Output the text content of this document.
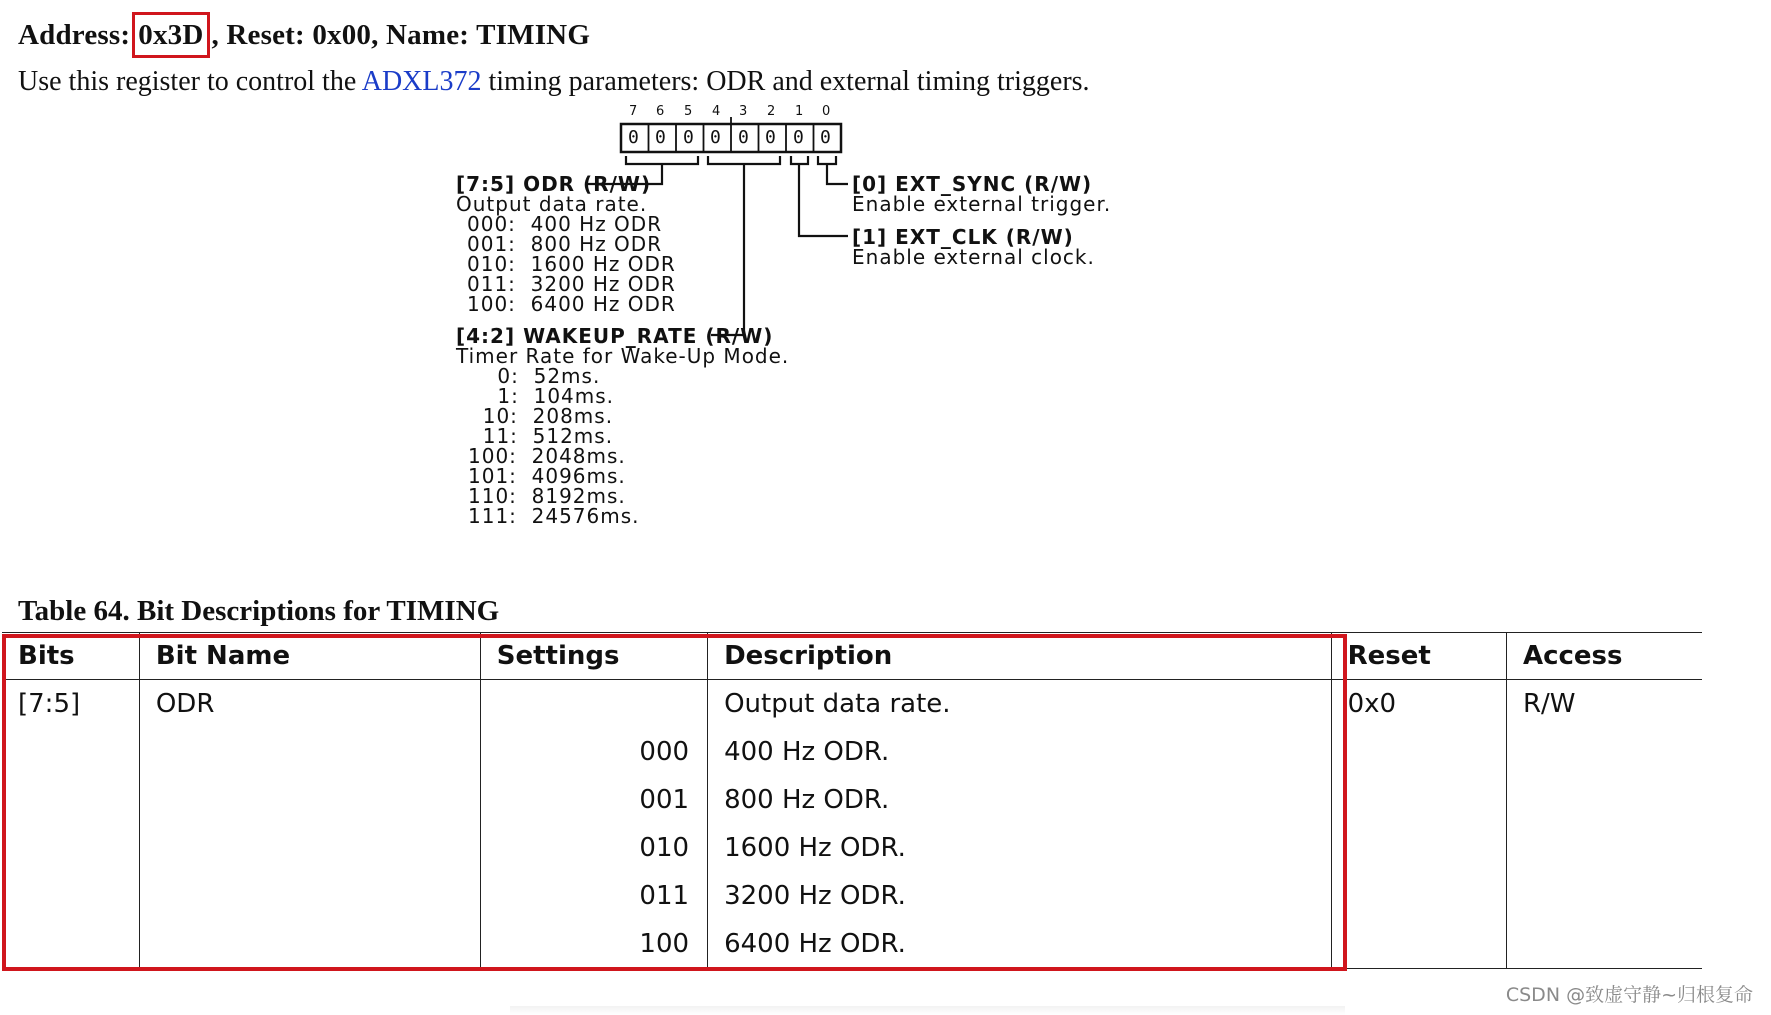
Address: 0x3D , Reset: 0x00, Name: TIMING
Use this register to control the ADXL372 timing parameters: ODR and external timing triggers.
7 6 5 4 3 2 1 0
0 0 0 0 0 0 0 0
[7:5] ODR (R/W)
Output data rate.
000:  400 Hz ODR
001:  800 Hz ODR
010:  1600 Hz ODR
011:  3200 Hz ODR
100:  6400 Hz ODR
[4:2] WAKEUP_RATE (R/W)
Timer Rate for Wake-Up Mode.
0:  52ms.
1:  104ms.
10:  208ms.
11:  512ms.
100:  2048ms.
101:  4096ms.
110:  8192ms.
111:  24576ms.
[0] EXT_SYNC (R/W)
Enable external trigger.
[1] EXT_CLK (R/W)
Enable external clock.
Table 64. Bit Descriptions for TIMING
Bits	Bit Name	Settings	Description	Reset	Access
[7:5]	ODR		Output data rate.	0x0	R/W
		000	400 Hz ODR.		
		001	800 Hz ODR.		
		010	1600 Hz ODR.		
		011	3200 Hz ODR.		
		100	6400 Hz ODR.		
CSDN @致虚守静~归根复命
